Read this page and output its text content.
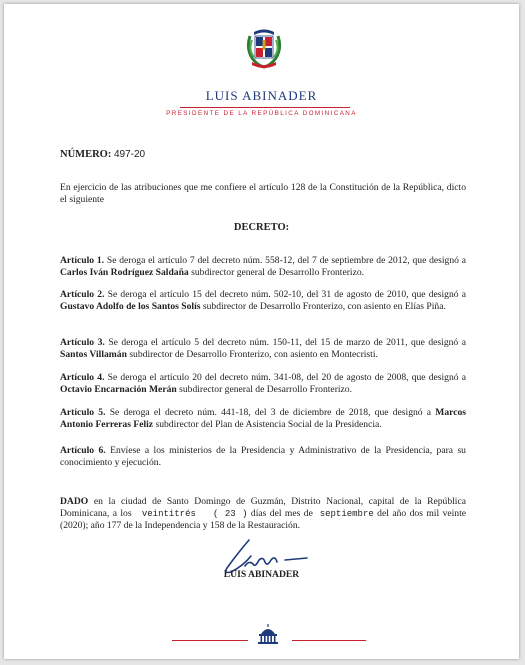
LUIS ABINADER
PRESIDENTE DE LA REPÚBLICA DOMINICANA
NÚMERO: 497-20
En ejercicio de las atribuciones que me confiere el artículo 128 de la Constitución de la República, dicto el siguiente
DECRETO:
Artículo 1. Se deroga el artículo 7 del decreto núm. 558-12, del 7 de septiembre de 2012, que designó a Carlos Iván Rodríguez Saldaña subdirector general de Desarrollo Fronterizo.
Artículo 2. Se deroga el artículo 15 del decreto núm. 502-10, del 31 de agosto de 2010, que designó a Gustavo Adolfo de los Santos Solís subdirector de Desarrollo Fronterizo, con asiento en Elías Piña.
Artículo 3. Se deroga el artículo 5 del decreto núm. 150-11, del 15 de marzo de 2011, que designó a Santos Villamán subdirector de Desarrollo Fronterizo, con asiento en Montecristi.
Artículo 4. Se deroga el artículo 20 del decreto núm. 341-08, del 20 de agosto de 2008, que designó a Octavio Encarnación Merán subdirector general de Desarrollo Fronterizo.
Artículo 5. Se deroga el decreto núm. 441-18, del 3 de diciembre de 2018, que designó a Marcos Antonio Ferreras Feliz subdirector del Plan de Asistencia Social de la Presidencia.
Artículo 6. Envíese a los ministerios de la Presidencia y Administrativo de la Presidencia, para su conocimiento y ejecución.
DADO en la ciudad de Santo Domingo de Guzmán, Distrito Nacional, capital de la República Dominicana, a los   veintitrés ( 23 ) días del mes de  septiembre del año dos mil veinte (2020); año 177 de la Independencia y 158 de la Restauración.
LUIS ABINADER
